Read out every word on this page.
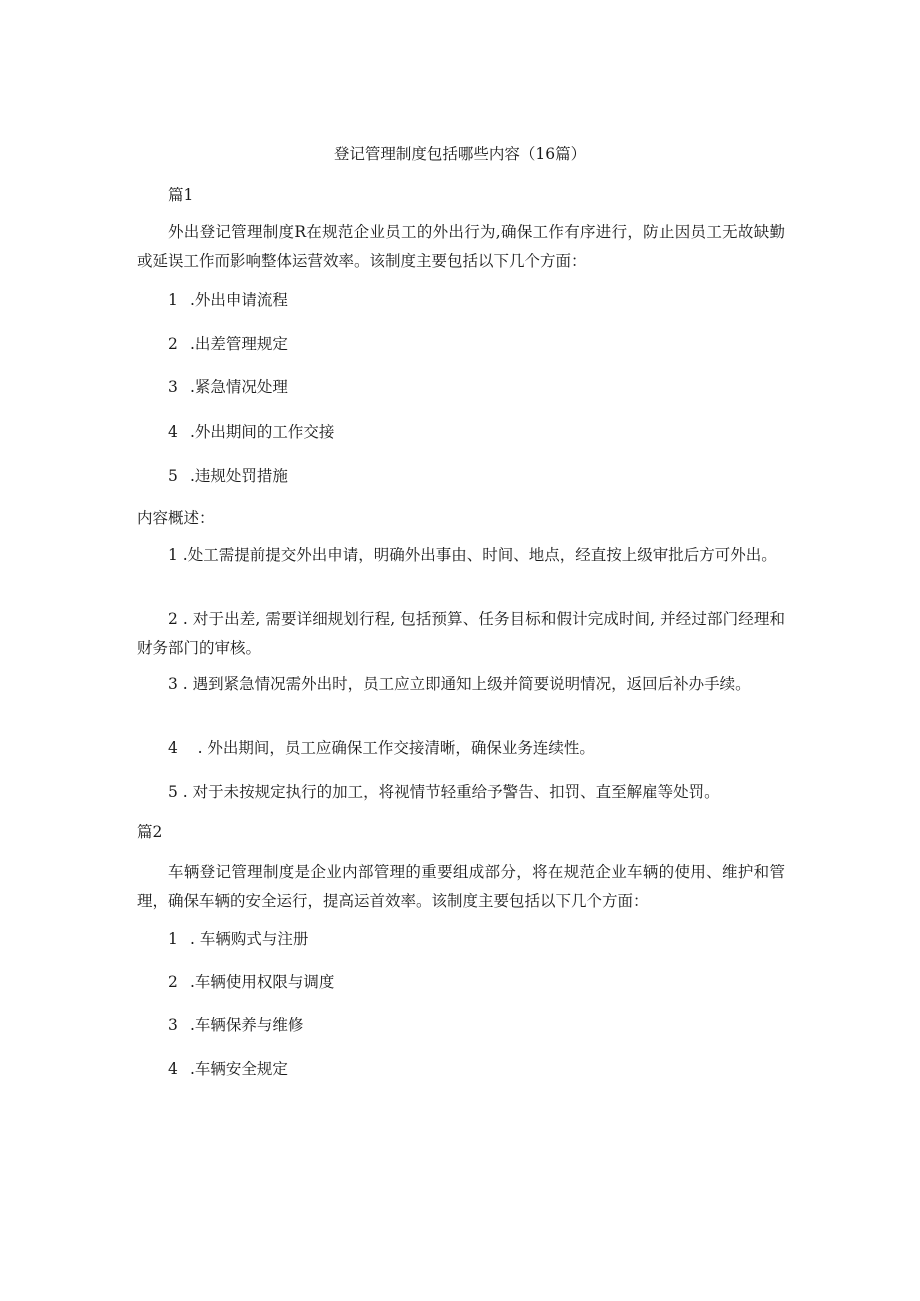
登记管理制度包括哪些内容（16篇）
篇1
外出登记管理制度R在规范企业员工的外出行为,确保工作有序进行，防止因员工无故缺勤或延误工作而影响整体运营效率。该制度主要包括以下几个方面：
1 .外出申请流程
2 .出差管理规定
3 .紧急情况处理
4 .外出期间的工作交接
5 .违规处罚措施
内容概述：
1 .处工需提前提交外出申请，明确外出事由、时间、地点，经直按上级审批后方可外出。
2 . 对于出差, 需要详细规划行程, 包括预算、任务目标和假计完成时间, 并经过部门经理和财务部门的审核。
3 . 遇到紧急情况需外出时，员工应立即通知上级并简要说明情况，返回后补办手续。
4    . 外出期间，员工应确保工作交接清晰，确保业务连续性。
5 . 对于未按规定执行的加工，将视情节轻重给予警告、扣罚、直至解雇等处罚。
篇2
车辆登记管理制度是企业内部管理的重要组成部分，将在规范企业车辆的使用、维护和管理，确保车辆的安全运行，提高运首效率。该制度主要包括以下几个方面：
1 . 车辆购式与注册
2 .车辆使用权限与调度
3 .车辆保养与维修
4 .车辆安全规定
